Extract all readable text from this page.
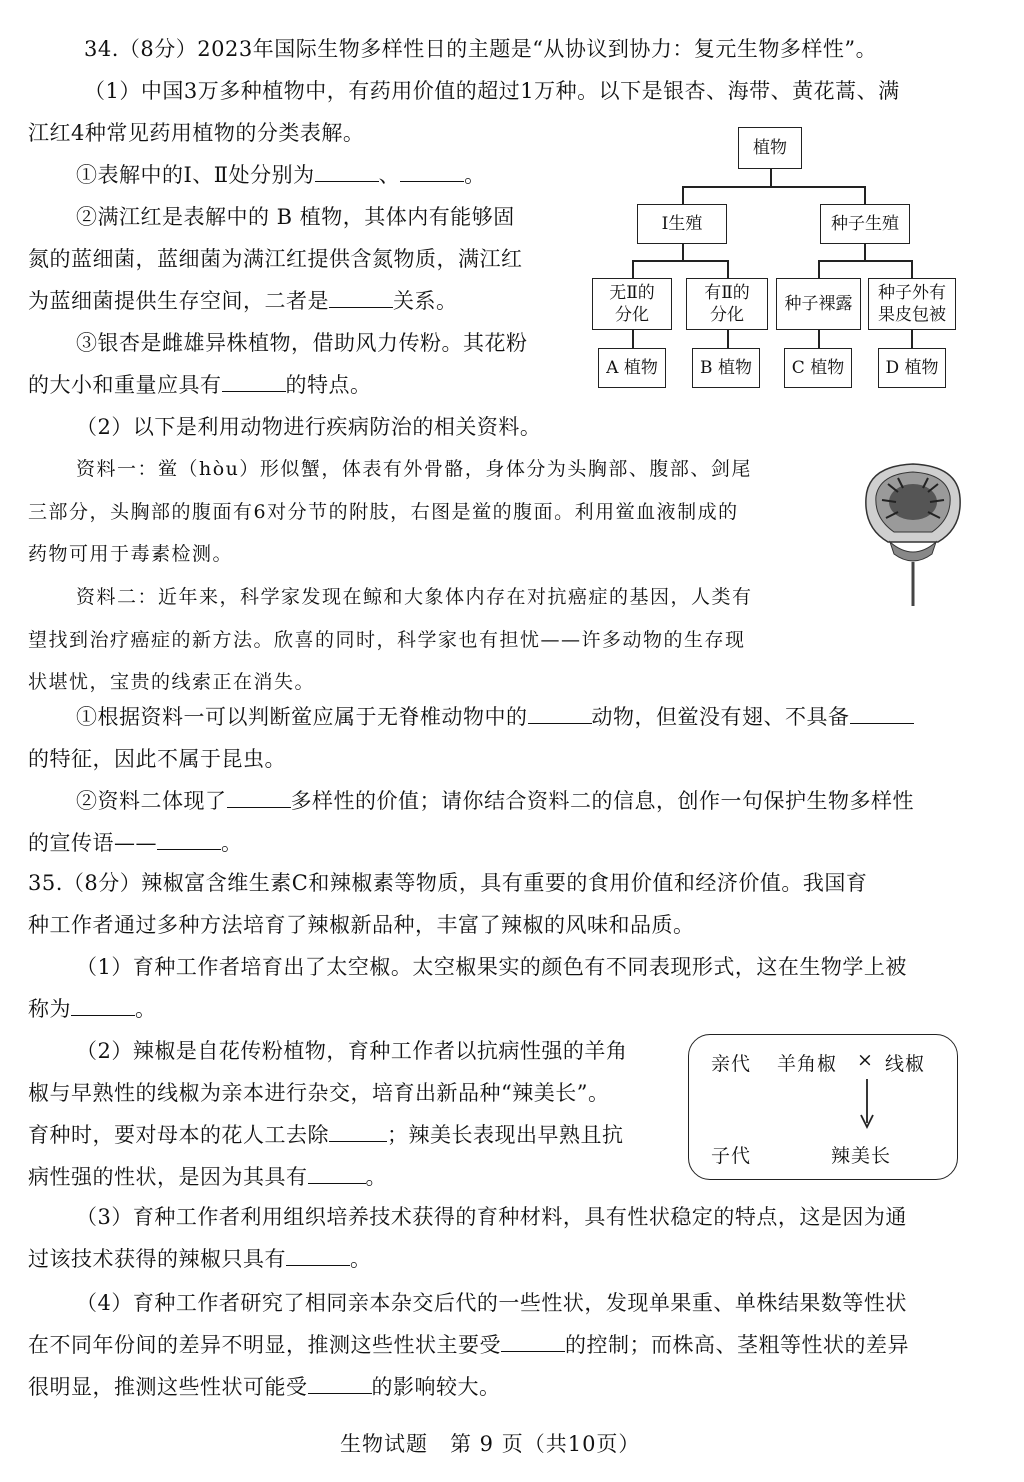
34.（8分）2023年国际生物多样性日的主题是“从协议到协力：复元生物多样性”。
（1）中国3万多种植物中，有药用价值的超过1万种。以下是银杏、海带、黄花蒿、满
江红4种常见药用植物的分类表解。
①表解中的Ⅰ、Ⅱ处分别为	、	。
②满江红是表解中的 B 植物，其体内有能够固
氮的蓝细菌，蓝细菌为满江红提供含氮物质，满江红
为蓝细菌提供生存空间，二者是	关系。
③银杏是雌雄异株植物，借助风力传粉。其花粉
的大小和重量应具有	的特点。
植物
Ⅰ生殖	种子生殖
无Ⅱ的
分化
有Ⅱ的
分化
种子裸露
种子外有
果皮包被
A 植物	B 植物	C 植物	D 植物
（2）以下是利用动物进行疾病防治的相关资料。
资料一：鲎（hòu）形似蟹，体表有外骨骼，身体分为头胸部、腹部、剑尾
三部分，头胸部的腹面有6对分节的附肢，右图是鲎的腹面。利用鲎血液制成的
药物可用于毒素检测。
资料二：近年来，科学家发现在鲸和大象体内存在对抗癌症的基因，人类有
望找到治疗癌症的新方法。欣喜的同时，科学家也有担忧——许多动物的生存现
状堪忧，宝贵的线索正在消失。
①根据资料一可以判断鲎应属于无脊椎动物中的	动物，但鲎没有翅、不具备
的特征，因此不属于昆虫。
②资料二体现了	多样性的价值；请你结合资料二的信息，创作一句保护生物多样性
的宣传语——	。
35.（8分）辣椒富含维生素C和辣椒素等物质，具有重要的食用价值和经济价值。我国育
种工作者通过多种方法培育了辣椒新品种，丰富了辣椒的风味和品质。
（1）育种工作者培育出了太空椒。太空椒果实的颜色有不同表现形式，这在生物学上被
称为	。
（2）辣椒是自花传粉植物，育种工作者以抗病性强的羊角
椒与早熟性的线椒为亲本进行杂交，培育出新品种“辣美长”。
育种时，要对母本的花人工去除	；辣美长表现出早熟且抗
病性强的性状，是因为其具有	。
亲代 羊角椒 × 线椒
子代	辣美长
（3）育种工作者利用组织培养技术获得的育种材料，具有性状稳定的特点，这是因为通
过该技术获得的辣椒只具有	。
（4）育种工作者研究了相同亲本杂交后代的一些性状，发现单果重、单株结果数等性状
在不同年份间的差异不明显，推测这些性状主要受	的控制；而株高、茎粗等性状的差异
很明显，推测这些性状可能受	的影响较大。
生物试题　第 9 页（共10页）
